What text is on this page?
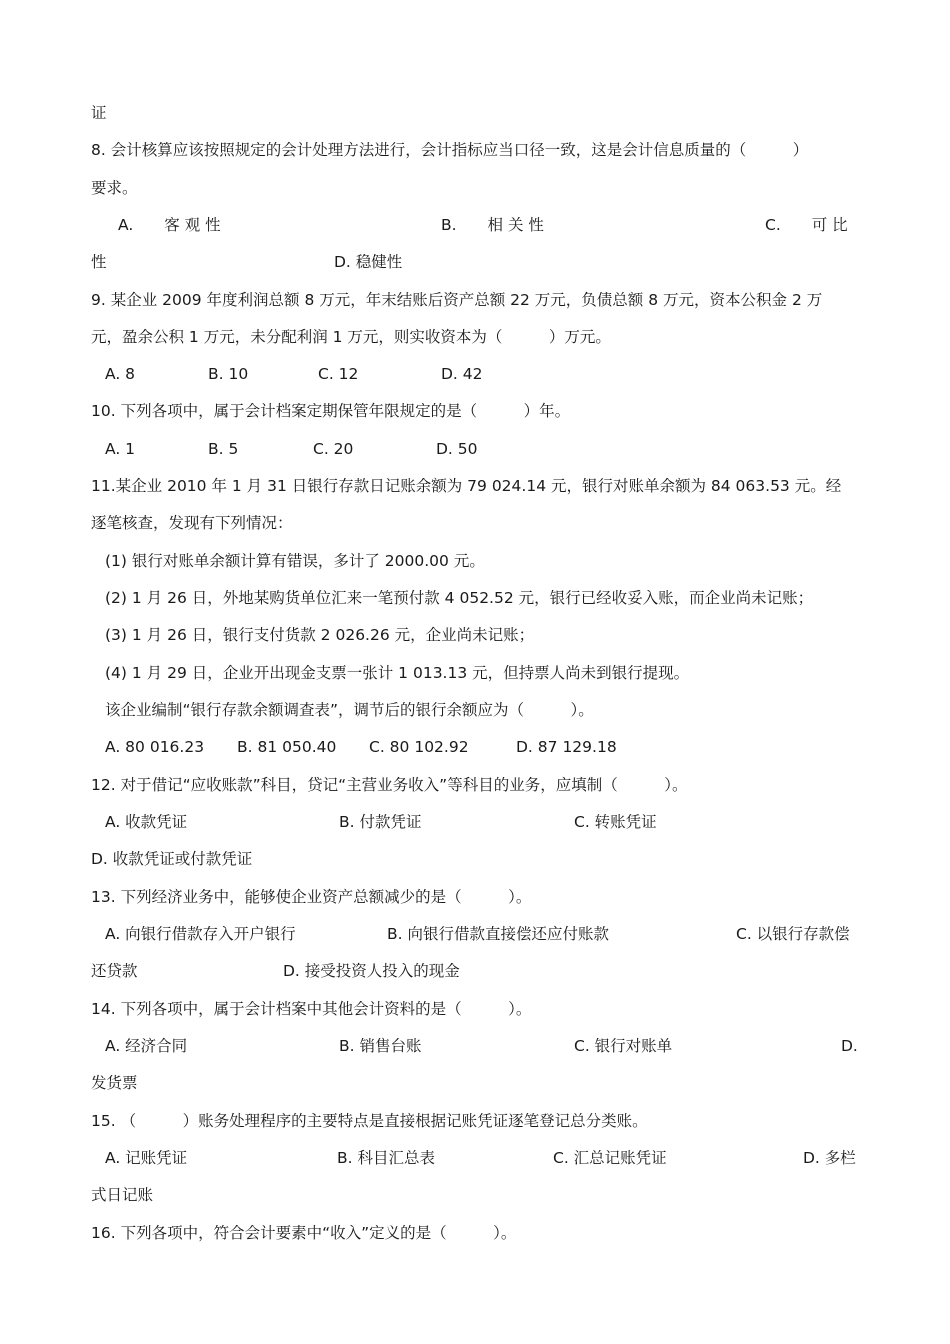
证
8. 会计核算应该按照规定的会计处理方法进行，会计指标应当口径一致，这是会计信息质量的（　　　）
要求。
A.　　客 观 性	B.　　相 关 性	C.　　可 比
性	D. 稳健性
9. 某企业 2009 年度利润总额 8 万元，年末结账后资产总额 22 万元，负债总额 8 万元，资本公积金 2 万
元，盈余公积 1 万元，未分配利润 1 万元，则实收资本为（　　　）万元。
A. 8	B. 10	C. 12	D. 42
10. 下列各项中，属于会计档案定期保管年限规定的是（　　　）年。
A. 1	B. 5	C. 20	D. 50
11.某企业 2010 年 1 月 31 日银行存款日记账余额为 79 024.14 元，银行对账单余额为 84 063.53 元。经
逐笔核查，发现有下列情况：
(1) 银行对账单余额计算有错误，多计了 2000.00 元。
(2) 1 月 26 日，外地某购货单位汇来一笔预付款 4 052.52 元，银行已经收妥入账，而企业尚未记账；
(3) 1 月 26 日，银行支付货款 2 026.26 元，企业尚未记账；
(4) 1 月 29 日，企业开出现金支票一张计 1 013.13 元，但持票人尚未到银行提现。
该企业编制“银行存款余额调查表”，调节后的银行余额应为（　　　）。
A. 80 016.23 B. 81 050.40 C. 80 102.92	D. 87 129.18
12. 对于借记“应收账款”科目，贷记“主营业务收入”等科目的业务，应填制（　　　）。
A. 收款凭证	B. 付款凭证	C. 转账凭证
D. 收款凭证或付款凭证
13. 下列经济业务中，能够使企业资产总额减少的是（　　　）。
A. 向银行借款存入开户银行	B. 向银行借款直接偿还应付账款	C. 以银行存款偿
还贷款	D. 接受投资人投入的现金
14. 下列各项中，属于会计档案中其他会计资料的是（　　　）。
A. 经济合同	B. 销售台账	C. 银行对账单	D.
发货票
15. （　　　）账务处理程序的主要特点是直接根据记账凭证逐笔登记总分类账。
A. 记账凭证	B. 科目汇总表	C. 汇总记账凭证	D. 多栏
式日记账
16. 下列各项中，符合会计要素中“收入”定义的是（　　　）。
